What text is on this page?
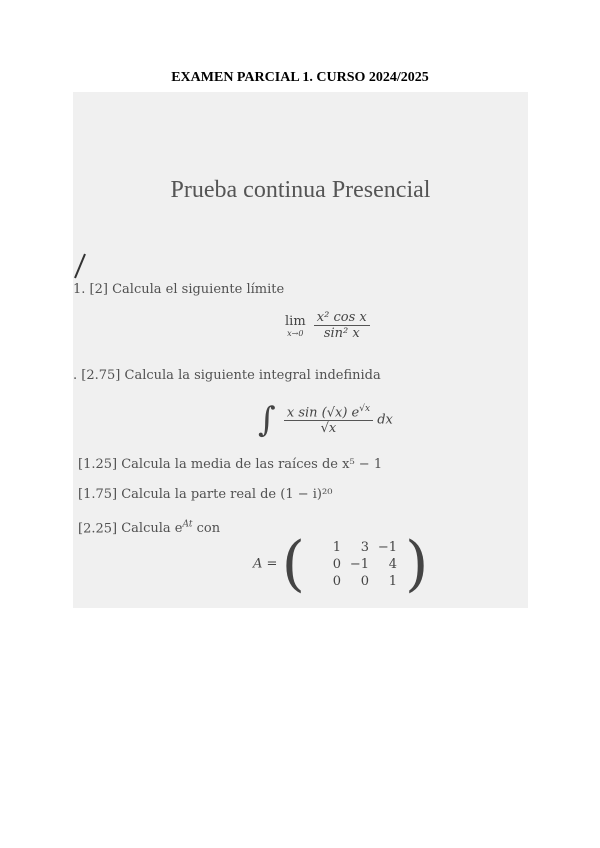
EXAMEN PARCIAL 1. CURSO 2024/2025
Prueba continua Presencial
1. [2] Calcula el siguiente límite
lim
x→0
$\frac{\text{x² cos x}}{\text{sin² x}}$
. [2.75] Calcula la siguiente integral indefinida
∫ $\frac{x \sin (√x) e^{√x}}{√x}$ dx
[1.25] Calcula la media de las raíces de x⁵ − 1
[1.75] Calcula la parte real de (1 − i)²⁰
[2.25] Calcula $e^{At}$ con
A = (	1	3 −1
0 −1	4
0	0	1 )
